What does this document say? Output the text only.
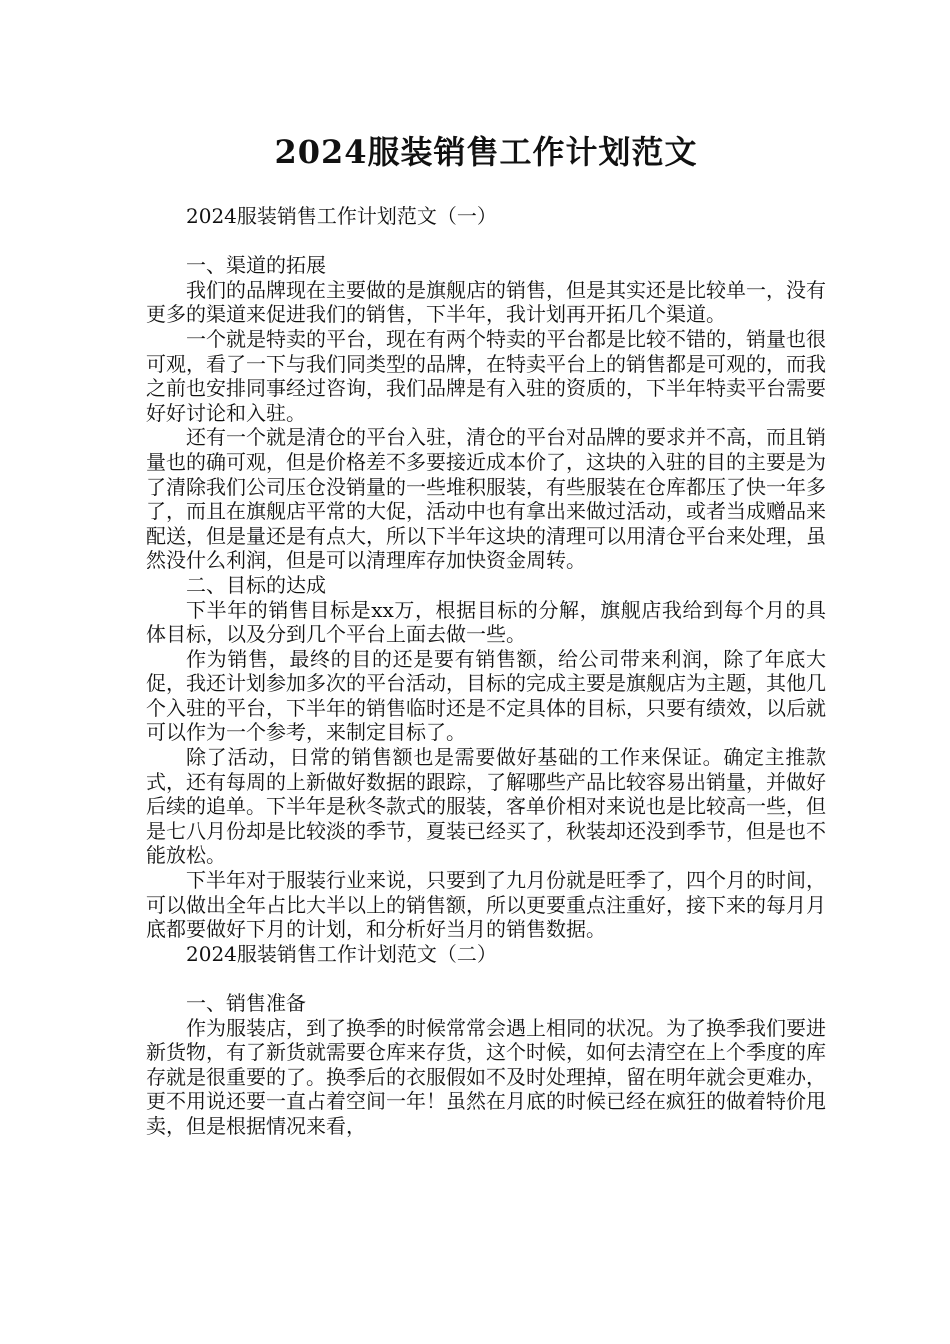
2024服装销售工作计划范文

2024服装销售工作计划范文（一）

一、渠道的拓展

我们的品牌现在主要做的是旗舰店的销售，但是其实还是比较单一，没有更多的渠道来促进我们的销售，下半年，我计划再开拓几个渠道。

一个就是特卖的平台，现在有两个特卖的平台都是比较不错的，销量也很可观，看了一下与我们同类型的品牌，在特卖平台上的销售都是可观的，而我之前也安排同事经过咨询，我们品牌是有入驻的资质的，下半年特卖平台需要好好讨论和入驻。

还有一个就是清仓的平台入驻，清仓的平台对品牌的要求并不高，而且销量也的确可观，但是价格差不多要接近成本价了，这块的入驻的目的主要是为了清除我们公司压仓没销量的一些堆积服装，有些服装在仓库都压了快一年多了，而且在旗舰店平常的大促，活动中也有拿出来做过活动，或者当成赠品来配送，但是量还是有点大，所以下半年这块的清理可以用清仓平台来处理，虽然没什么利润，但是可以清理库存加快资金周转。

二、目标的达成

下半年的销售目标是xx万，根据目标的分解，旗舰店我给到每个月的具体目标，以及分到几个平台上面去做一些。

作为销售，最终的目的还是要有销售额，给公司带来利润，除了年底大促，我还计划参加多次的平台活动，目标的完成主要是旗舰店为主题，其他几个入驻的平台，下半年的销售临时还是不定具体的目标，只要有绩效，以后就可以作为一个参考，来制定目标了。

除了活动，日常的销售额也是需要做好基础的工作来保证。确定主推款式，还有每周的上新做好数据的跟踪，了解哪些产品比较容易出销量，并做好后续的追单。下半年是秋冬款式的服装，客单价相对来说也是比较高一些，但是七八月份却是比较淡的季节，夏装已经买了，秋装却还没到季节，但是也不能放松。

下半年对于服装行业来说，只要到了九月份就是旺季了，四个月的时间，可以做出全年占比大半以上的销售额，所以更要重点注重好，接下来的每月月底都要做好下月的计划，和分析好当月的销售数据。

2024服装销售工作计划范文（二）

一、销售准备

作为服装店，到了换季的时候常常会遇上相同的状况。为了换季我们要进新货物，有了新货就需要仓库来存货，这个时候，如何去清空在上个季度的库存就是很重要的了。换季后的衣服假如不及时处理掉，留在明年就会更难办，更不用说还要一直占着空间一年！虽然在月底的时候已经在疯狂的做着特价甩卖，但是根据情况来看，
